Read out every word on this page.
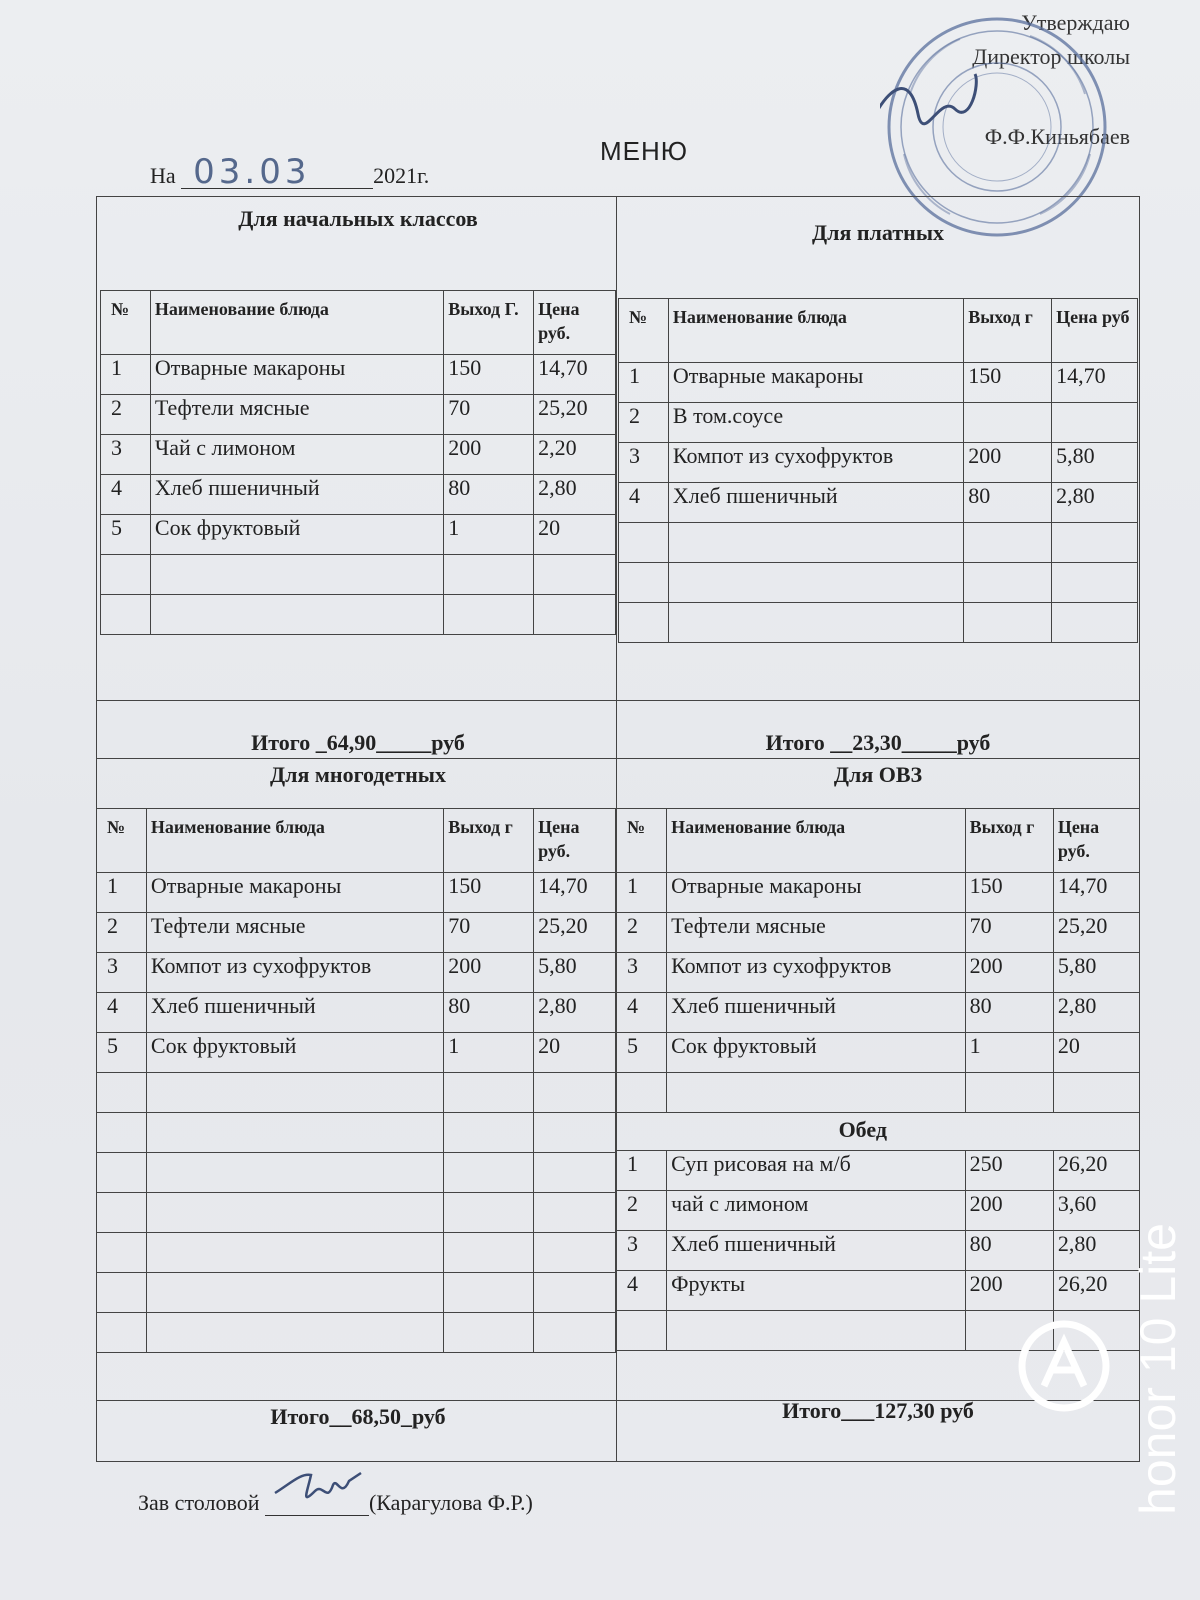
Утверждаю
Директор школы
Ф.Ф.Киньябаев
МЕНЮ
На 03.03	2021г.
Для начальных классов
Для платных
№	Наименование блюда	Выход Г.	Цена руб.
1	Отварные макароны	150	14,70
2	Тефтели мясные	70	25,20
3	Чай с лимоном	200	2,20
4	Хлеб пшеничный	80	2,80
5	Сок фруктовый	1	20

№	Наименование блюда	Выход г	Цена руб
1	Отварные макароны	150	14,70
2	В том.соусе		
3	Компот из сухофруктов	200	5,80
4	Хлеб пшеничный	80	2,80

Итого _64,90_____руб	Итого __23,30_____руб
Для многодетных	Для ОВЗ
№	Наименование блюда	Выход г	Цена руб.
1	Отварные макароны	150	14,70
2	Тефтели мясные	70	25,20
3	Компот из сухофруктов	200	5,80
4	Хлеб пшеничный	80	2,80
5	Сок фруктовый	1	20

№	Наименование блюда	Выход г	Цена руб.
1	Отварные макароны	150	14,70
2	Тефтели мясные	70	25,20
3	Компот из сухофруктов	200	5,80
4	Хлеб пшеничный	80	2,80
5	Сок фруктовый	1	20

Обед			
1	Суп рисовая на м/б	250	26,20
2	чай с лимоном	200	3,60
3	Хлеб пшеничный	80	2,80
4	Фрукты	200	26,20

Итого__68,50_руб	Итого___127,30 руб
Зав столовой	(Карагулова Ф.Р.)	honor 10 Lite
